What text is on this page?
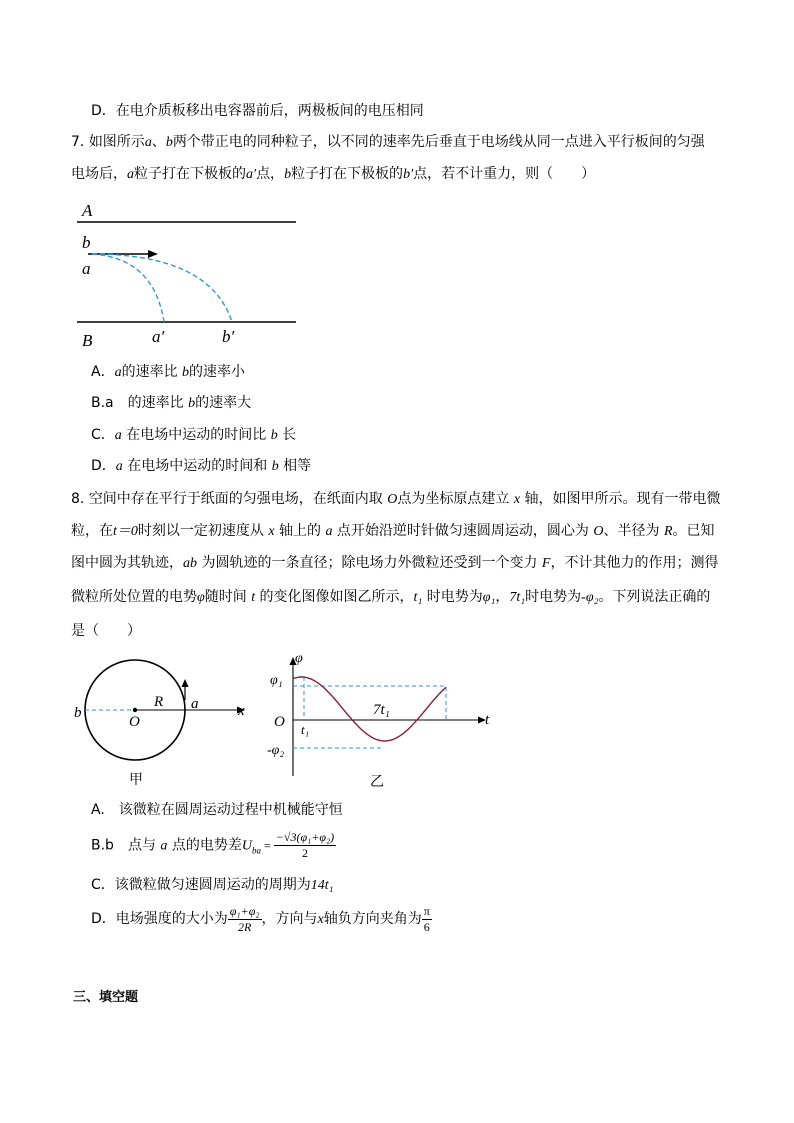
D．在电介质板移出电容器前后，两极板间的电压相同
7. 如图所示a、b两个带正电的同种粒子，以不同的速率先后垂直于电场线从同一点进入平行板间的匀强
电场后，a粒子打在下极板的a′点，b粒子打在下极板的b′点，若不计重力，则（　　）
A
B
b
a
a′	b′
A．a的速率比 b的速率小
B.a　 的速率比 b的速率大
C．a 在电场中运动的时间比 b 长
D．a 在电场中运动的时间和 b 相等
8. 空间中存在平行于纸面的匀强电场，在纸面内取 O点为坐标原点建立 x 轴，如图甲所示。现有一带电微
粒，在t＝0时刻以一定初速度从 x 轴上的 a 点开始沿逆时针做匀速圆周运动，圆心为 O、半径为 R。已知
图中圆为其轨迹，ab 为圆轨迹的一条直径；除电场力外微粒还受到一个变力 F，不计其他力的作用；测得
微粒所处位置的电势φ随时间 t 的变化图像如图乙所示，t₁ 时电势为φ₁，7t₁时电势为-φ₂。下列说法正确的
是（　　）
b
O
R a	x
甲
φ
φ₁
O t₁
7t₁
t
-φ₂
乙
A.　该微粒在圆周运动过程中机械能守恒
B.b　点与 a 点的电势差$U_{ba} = \frac{\text{−√3(φ₁+φ₂)}}{2}$
C．该微粒做匀速圆周运动的周期为14t₁
D．电场强度的大小为 $\frac{\text{φ₁+φ₂}}{2R}$ ，方向与x轴负方向夹角为 $\frac{\pi}{6}$
三、填空题
